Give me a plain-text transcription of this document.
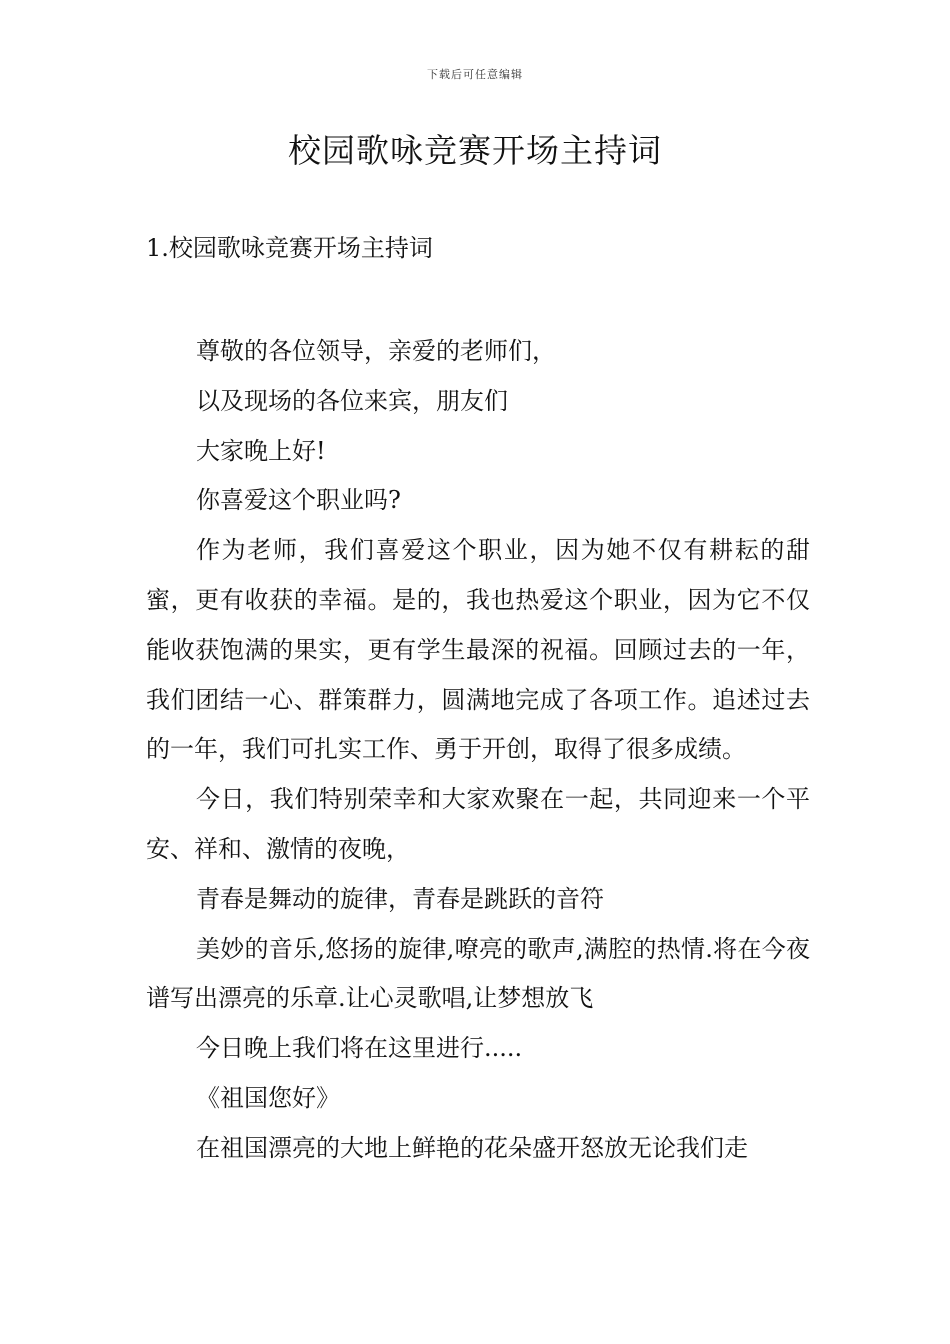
下载后可任意编辑
校园歌咏竞赛开场主持词
1.校园歌咏竞赛开场主持词

尊敬的各位领导，亲爱的老师们，

以及现场的各位来宾，朋友们

大家晚上好!

你喜爱这个职业吗?

作为老师，我们喜爱这个职业，因为她不仅有耕耘的甜蜜，更有收获的幸福。是的，我也热爱这个职业，因为它不仅能收获饱满的果实，更有学生最深的祝福。回顾过去的一年，我们团结一心、群策群力，圆满地完成了各项工作。追述过去的一年，我们可扎实工作、勇于开创，取得了很多成绩。

今日，我们特别荣幸和大家欢聚在一起，共同迎来一个平安、祥和、激情的夜晚，

青春是舞动的旋律，青春是跳跃的音符

美妙的音乐,悠扬的旋律,嘹亮的歌声,满腔的热情.将在今夜谱写出漂亮的乐章.让心灵歌唱,让梦想放飞

今日晚上我们将在这里进行.....

《祖国您好》

在祖国漂亮的大地上鲜艳的花朵盛开怒放无论我们走
